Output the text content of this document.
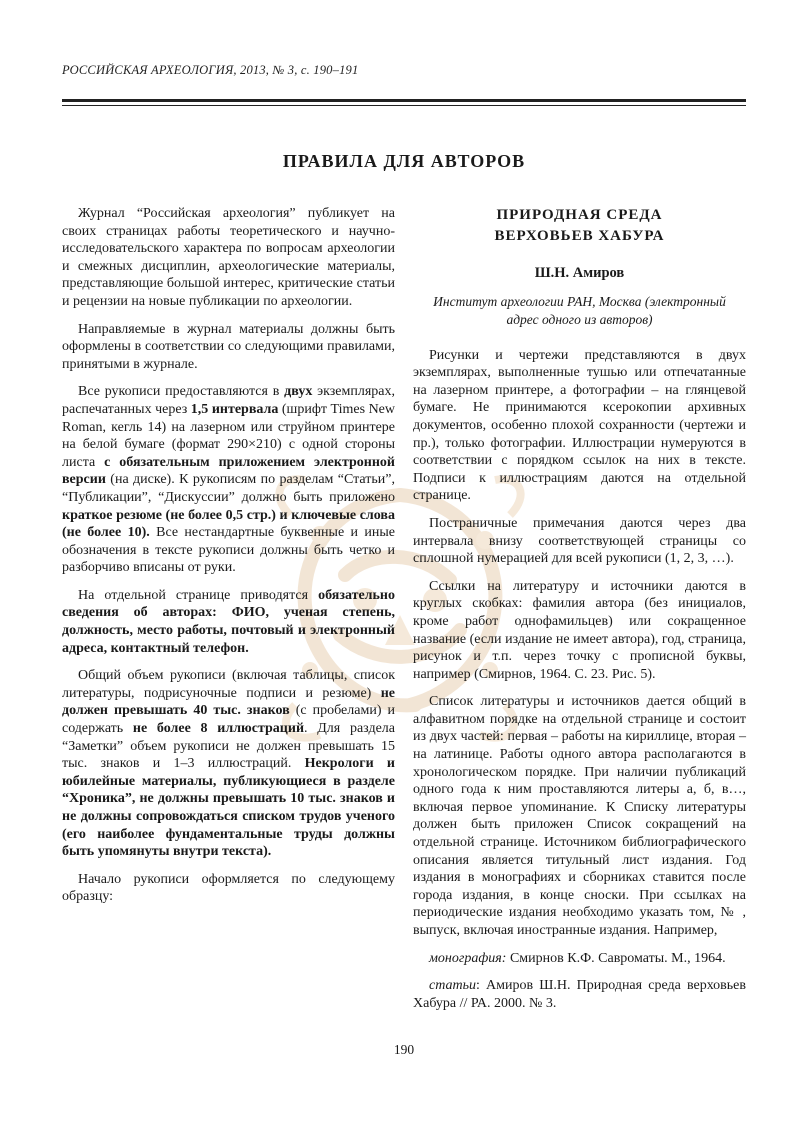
РОССИЙСКАЯ АРХЕОЛОГИЯ, 2013, № 3, с. 190–191
ПРАВИЛА ДЛЯ АВТОРОВ

Журнал “Российская археология” публикует на своих страницах работы теоретического и научно-исследовательского характера по вопросам археологии и смежных дисциплин, археологические материалы, представляющие большой интерес, критические статьи и рецензии на новые публикации по археологии.

Направляемые в журнал материалы должны быть оформлены в соответствии со следующими правилами, принятыми в журнале.

Все рукописи предоставляются в двух экземплярах, распечатанных через 1,5 интервала (шрифт Times New Roman, кегль 14) на лазерном или струйном принтере на белой бумаге (формат 290×210) с одной стороны листа с обязательным приложением электронной версии (на диске). К рукописям по разделам “Статьи”, “Публикации”, “Дискуссии” должно быть приложено краткое резюме (не более 0,5 стр.) и ключевые слова (не более 10). Все нестандартные буквенные и иные обозначения в тексте рукописи должны быть четко и разборчиво вписаны от руки.

На отдельной странице приводятся обязательно сведения об авторах: ФИО, ученая степень, должность, место работы, почтовый и электронный адреса, контактный телефон.

Общий объем рукописи (включая таблицы, список литературы, подрисуночные подписи и резюме) не должен превышать 40 тыс. знаков (с пробелами) и содержать не более 8 иллюстраций. Для раздела “Заметки” объем рукописи не должен превышать 15 тыс. знаков и 1–3 иллюстраций. Некрологи и юбилейные материалы, публикующиеся в разделе “Хроника”, не должны превышать 10 тыс. знаков и не должны сопровождаться списком трудов ученого (его наиболее фундаментальные труды должны быть упомянуты внутри текста).

Начало рукописи оформляется по следующему образцу:

ПРИРОДНАЯ СРЕДА
ВЕРХОВЬЕВ ХАБУРА
Ш.Н. Амиров
Институт археологии РАН, Москва (электронный адрес одного из авторов)

Рисунки и чертежи представляются в двух экземплярах, выполненные тушью или отпечатанные на лазерном принтере, а фотографии – на глянцевой бумаге. Не принимаются ксерокопии архивных документов, особенно плохой сохранности (чертежи и пр.), только фотографии. Иллюстрации нумеруются в соответствии с порядком ссылок на них в тексте. Подписи к иллюстрациям даются на отдельной странице.

Постраничные примечания даются через два интервала внизу соответствующей страницы со сплошной нумерацией для всей рукописи (1, 2, 3, …).

Ссылки на литературу и источники даются в круглых скобках: фамилия автора (без инициалов, кроме работ однофамильцев) или сокращенное название (если издание не имеет автора), год, страница, рисунок и т.п. через точку с прописной буквы, например (Смирнов, 1964. С. 23. Рис. 5).

Список литературы и источников дается общий в алфавитном порядке на отдельной странице и состоит из двух частей: первая – работы на кириллице, вторая – на латинице. Работы одного автора располагаются в хронологическом порядке. При наличии публикаций одного года к ним проставляются литеры а, б, в…, включая первое упоминание. К Списку литературы должен быть приложен Список сокращений на отдельной странице. Источником библиографического описания является титульный лист издания. Год издания в монографиях и сборниках ставится после города издания, в конце сноски. При ссылках на периодические издания необходимо указать том, № , выпуск, включая иностранные издания. Например,

монография: Смирнов К.Ф. Савроматы. М., 1964.

статьи: Амиров Ш.Н. Природная среда верховьев Хабура // РА. 2000. № 3.

190
